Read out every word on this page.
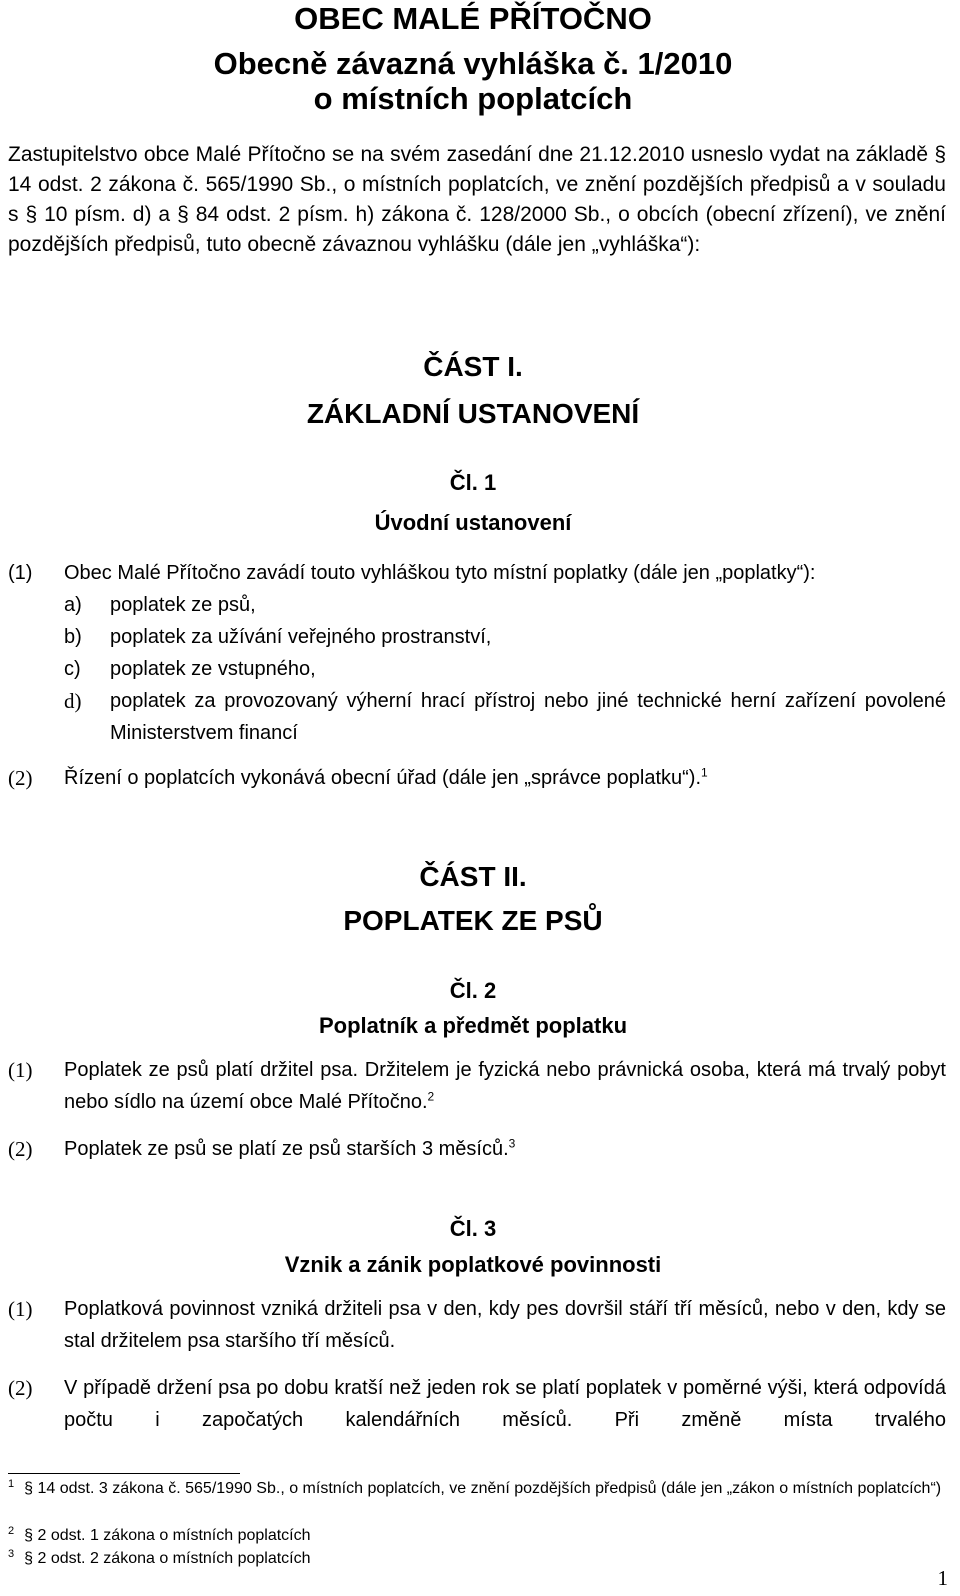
OBEC MALÉ PŘÍTOČNO
Obecně závazná vyhláška č. 1/2010
o místních poplatcích
Zastupitelstvo obce Malé Přítočno se na svém zasedání dne 21.12.2010 usneslo vydat na základě § 14 odst. 2 zákona č. 565/1990 Sb., o místních poplatcích, ve znění pozdějších předpisů a v souladu s § 10 písm. d) a § 84 odst. 2 písm. h) zákona č. 128/2000 Sb., o obcích (obecní zřízení), ve znění pozdějších předpisů, tuto obecně závaznou vyhlášku (dále jen „vyhláška“):
ČÁST I.
ZÁKLADNÍ USTANOVENÍ
Čl. 1
Úvodní ustanovení
(1) Obec Malé Přítočno zavádí touto vyhláškou tyto místní poplatky (dále jen „poplatky“):
a) poplatek ze psů,
b) poplatek za užívání veřejného prostranství,
c) poplatek ze vstupného,
d) poplatek za provozovaný výherní hrací přístroj nebo jiné technické herní zařízení povolené Ministerstvem financí
(2) Řízení o poplatcích vykonává obecní úřad (dále jen „správce poplatku“).$^1$
ČÁST II.
POPLATEK ZE PSŮ
Čl. 2
Poplatník a předmět poplatku
(1) Poplatek ze psů platí držitel psa. Držitelem je fyzická nebo právnická osoba, která má trvalý pobyt nebo sídlo na území obce Malé Přítočno.$^2$
(2) Poplatek ze psů se platí ze psů starších 3 měsíců.$^3$
Čl. 3
Vznik a zánik poplatkové povinnosti
(1) Poplatková povinnost vzniká držiteli psa v den, kdy pes dovršil stáří tří měsíců, nebo v den, kdy se stal držitelem psa staršího tří měsíců.
(2) V případě držení psa po dobu kratší než jeden rok se platí poplatek v poměrné výši, která odpovídá počtu i započatých kalendářních měsíců. Při změně místa trvalého
$^1$ § 14 odst. 3 zákona č. 565/1990 Sb., o místních poplatcích, ve znění pozdějších předpisů (dále jen „zákon o místních poplatcích“)
$^2$ § 2 odst. 1 zákona o místních poplatcích
$^3$ § 2 odst. 2 zákona o místních poplatcích
1
